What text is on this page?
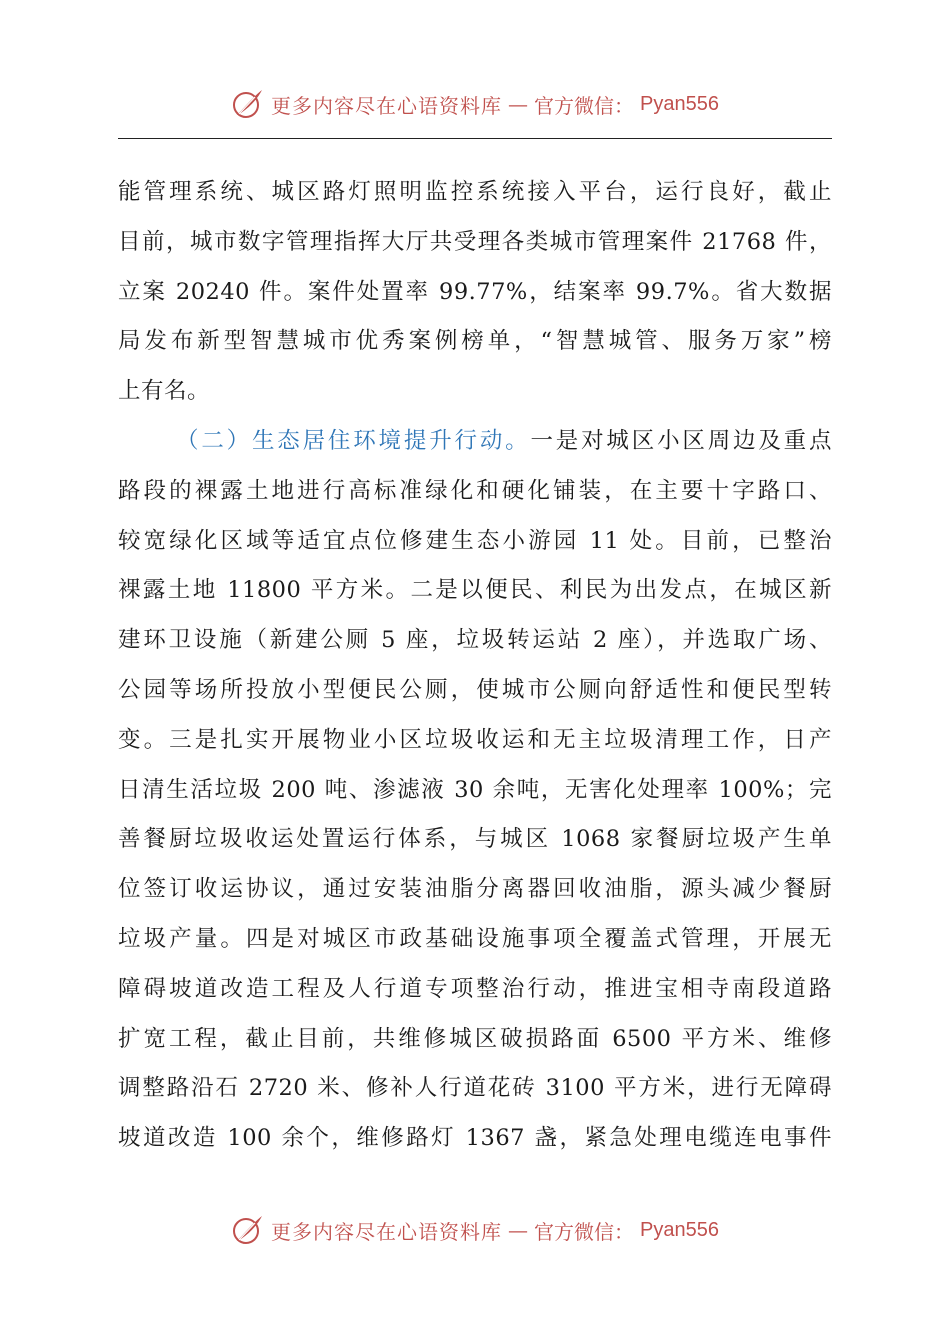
更多内容尽在心语资料库 — 官方微信： Pyan556
能管理系统、城区路灯照明监控系统接入平台，运行良好，截止
目前，城市数字管理指挥大厅共受理各类城市管理案件 21768 件，
立案 20240 件。案件处置率 99.77%，结案率 99.7%。省大数据
局发布新型智慧城市优秀案例榜单，“智慧城管、服务万家”榜
上有名。
（二）生态居住环境提升行动。一是对城区小区周边及重点
路段的裸露土地进行高标准绿化和硬化铺装，在主要十字路口、
较宽绿化区域等适宜点位修建生态小游园 11 处。目前，已整治
裸露土地 11800 平方米。二是以便民、利民为出发点，在城区新
建环卫设施（新建公厕 5 座，垃圾转运站 2 座），并选取广场、
公园等场所投放小型便民公厕，使城市公厕向舒适性和便民型转
变。三是扎实开展物业小区垃圾收运和无主垃圾清理工作，日产
日清生活垃圾 200 吨、渗滤液 30 余吨，无害化处理率 100%；完
善餐厨垃圾收运处置运行体系，与城区 1068 家餐厨垃圾产生单
位签订收运协议，通过安装油脂分离器回收油脂，源头减少餐厨
垃圾产量。四是对城区市政基础设施事项全覆盖式管理，开展无
障碍坡道改造工程及人行道专项整治行动，推进宝相寺南段道路
扩宽工程，截止目前，共维修城区破损路面 6500 平方米、维修
调整路沿石 2720 米、修补人行道花砖 3100 平方米，进行无障碍
坡道改造 100 余个，维修路灯 1367 盏，紧急处理电缆连电事件
更多内容尽在心语资料库 — 官方微信： Pyan556
